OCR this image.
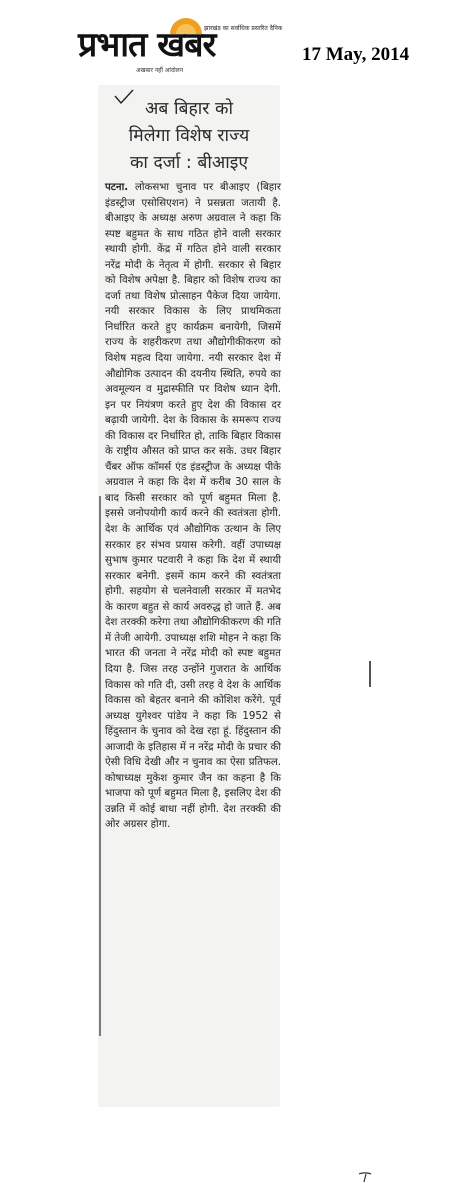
झारखंड का सर्वाधिक प्रसारित दैनिक
प्रभात खबर
अखबार नहीं आंदोलन
17 May, 2014
अब बिहार को
मिलेगा विशेष राज्य
का दर्जा : बीआइए
पटना. लोकसभा चुनाव पर बीआइए (बिहार इंडस्ट्रीज एसोसिएशन) ने प्रसन्नता जतायी है. बीआइए के अध्यक्ष अरुण अग्रवाल ने कहा कि स्पष्ट बहुमत के साथ गठित होने वाली सरकार स्थायी होगी. केंद्र में गठित होने वाली सरकार नरेंद्र मोदी के नेतृत्व में होगी. सरकार से बिहार को विशेष अपेक्षा है. बिहार को विशेष राज्य का दर्जा तथा विशेष प्रोत्साहन पैकेज दिया जायेगा. नयी सरकार विकास के लिए प्राथमिकता निर्धारित करते हुए कार्यक्रम बनायेगी, जिसमें राज्य के शहरीकरण तथा औद्योगीकीकरण को विशेष महत्व दिया जायेगा. नयी सरकार देश में औद्योगिक उत्पादन की दयनीय स्थिति, रुपये का अवमूल्यन व मुद्रास्फीति पर विशेष ध्यान देगी. इन पर नियंत्रण करते हुए देश की विकास दर बढ़ायी जायेगी. देश के विकास के समरूप राज्य की विकास दर निर्धारित हो, ताकि बिहार विकास के राष्ट्रीय औसत को प्राप्त कर सके. उधर बिहार चैंबर ऑफ कॉमर्स एंड इंडस्ट्रीज के अध्यक्ष पीके अग्रवाल ने कहा कि देश में करीब 30 साल के बाद किसी सरकार को पूर्ण बहुमत मिला है. इससे जनोपयोगी कार्य करने की स्वतंत्रता होगी. देश के आर्थिक एवं औद्योगिक उत्थान के लिए सरकार हर संभव प्रयास करेगी. वहीं उपाध्यक्ष सुभाष कुमार पटवारी ने कहा कि देश में स्थायी सरकार बनेगी. इसमें काम करने की स्वतंत्रता होगी. सहयोग से चलनेवाली सरकार में मतभेद के कारण बहुत से कार्य अवरुद्ध हो जाते हैं. अब देश तरक्की करेगा तथा औद्योगिकीकरण की गति में तेजी आयेगी. उपाध्यक्ष शशि मोहन ने कहा कि भारत की जनता ने नरेंद्र मोदी को स्पष्ट बहुमत दिया है. जिस तरह उन्होंने गुजरात के आर्थिक विकास को गति दी, उसी तरह वे देश के आर्थिक विकास को बेहतर बनाने की कोशिश करेंगे. पूर्व अध्यक्ष युगेश्वर पांडेय ने कहा कि 1952 से हिंदुस्तान के चुनाव को देख रहा हूं. हिंदुस्तान की आजादी के इतिहास में न नरेंद्र मोदी के प्रचार की ऐसी विधि देखी और न चुनाव का ऐसा प्रतिफल. कोषाध्यक्ष मुकेश कुमार जैन का कहना है कि भाजपा को पूर्ण बहुमत मिला है, इसलिए देश की उन्नति में कोई बाधा नहीं होगी. देश तरक्की की ओर अग्रसर होगा.
